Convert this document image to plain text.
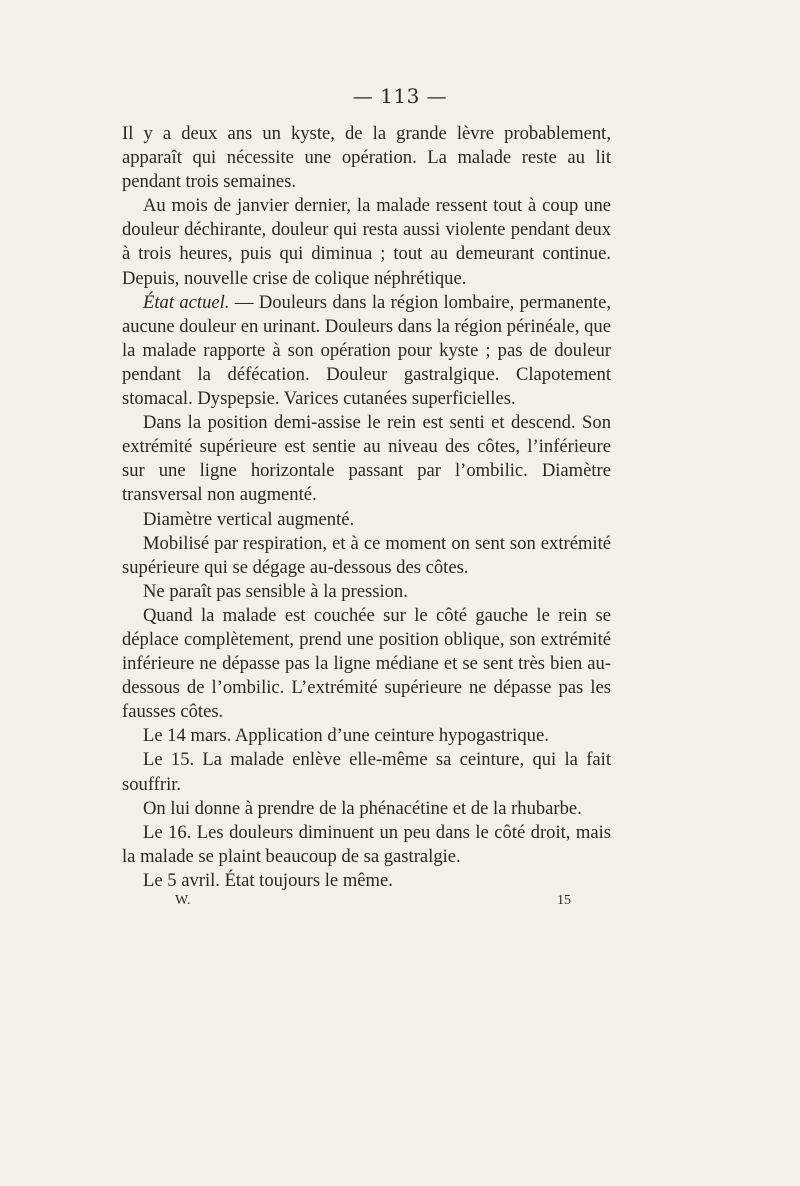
— 113 —

Il y a deux ans un kyste, de la grande lèvre probablement, apparaît qui nécessite une opération. La malade reste au lit pendant trois semaines.

Au mois de janvier dernier, la malade ressent tout à coup une douleur déchirante, douleur qui resta aussi violente pendant deux à trois heures, puis qui diminua ; tout au demeurant continue. Depuis, nouvelle crise de colique néphrétique.

État actuel. — Douleurs dans la région lombaire, permanente, aucune douleur en urinant. Douleurs dans la région périnéale, que la malade rapporte à son opération pour kyste ; pas de douleur pendant la défécation. Douleur gastralgique. Clapotement stomacal. Dyspepsie. Varices cutanées superficielles.

Dans la position demi-assise le rein est senti et descend. Son extrémité supérieure est sentie au niveau des côtes, l’inférieure sur une ligne horizontale passant par l’ombilic. Diamètre transversal non augmenté.

Diamètre vertical augmenté.

Mobilisé par respiration, et à ce moment on sent son extrémité supérieure qui se dégage au-dessous des côtes.

Ne paraît pas sensible à la pression.

Quand la malade est couchée sur le côté gauche le rein se déplace complètement, prend une position oblique, son extrémité inférieure ne dépasse pas la ligne médiane et se sent très bien au-dessous de l’ombilic. L’extrémité supérieure ne dépasse pas les fausses côtes.

Le 14 mars. Application d’une ceinture hypogastrique.

Le 15. La malade enlève elle-même sa ceinture, qui la fait souffrir.

On lui donne à prendre de la phénacétine et de la rhubarbe.

Le 16. Les douleurs diminuent un peu dans le côté droit, mais la malade se plaint beaucoup de sa gastralgie.

Le 5 avril. État toujours le même.

W.	15
